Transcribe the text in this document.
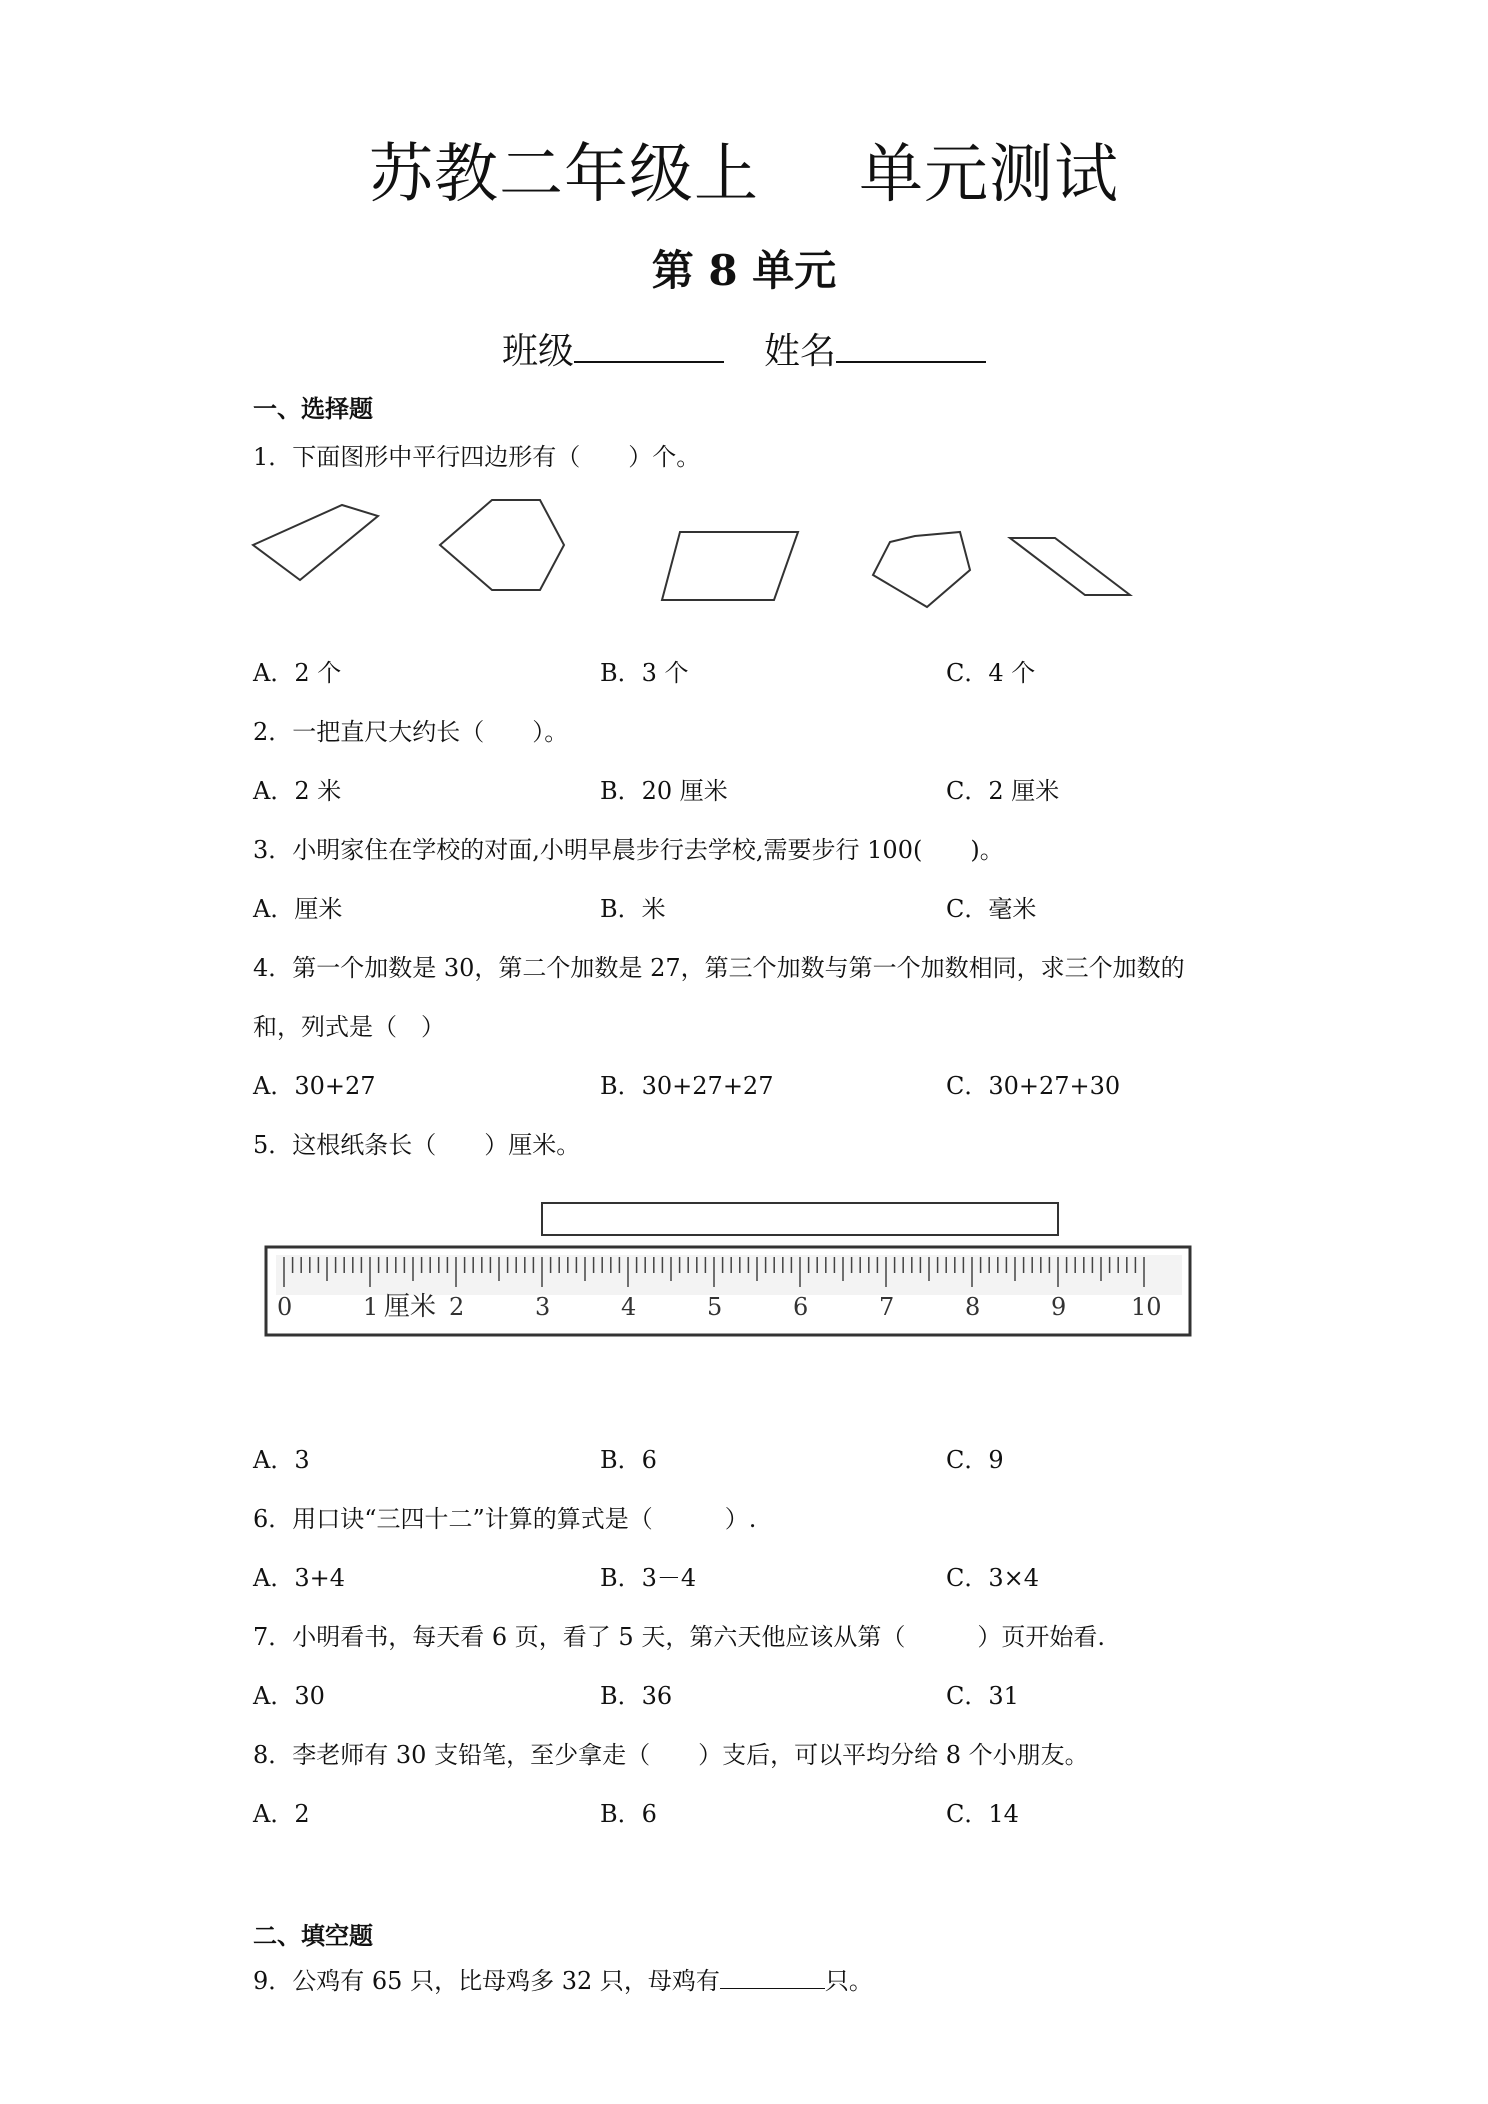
苏教二年级上 单元测试
第 8 单元
班级	姓名
一、选择题
1．下面图形中平行四边形有（　　）个。
A．2 个	B．3 个	C．4 个
2．一把直尺大约长（　　）。
A．2 米	B．20 厘米	C．2 厘米
3．小明家住在学校的对面,小明早晨步行去学校,需要步行 100(　　)。
A．厘米	B．米	C．毫米
4．第一个加数是 30，第二个加数是 27，第三个加数与第一个加数相同，求三个加数的
和，列式是（　）
A．30+27	B．30+27+27	C．30+27+30
5．这根纸条长（　　）厘米。
0	1	2	3	4	5	6	7	8	9	10
厘米
A．3	B．6	C．9
6．用口诀“三四十二”计算的算式是（　　　）.
A．3+4	B．3－4	C．3×4
7．小明看书，每天看 6 页，看了 5 天，第六天他应该从第（　　　）页开始看.
A．30	B．36	C．31
8．李老师有 30 支铅笔，至少拿走（　　）支后，可以平均分给 8 个小朋友。
A．2	B．6	C．14
二、填空题
9．公鸡有 65 只，比母鸡多 32 只，母鸡有	只。
